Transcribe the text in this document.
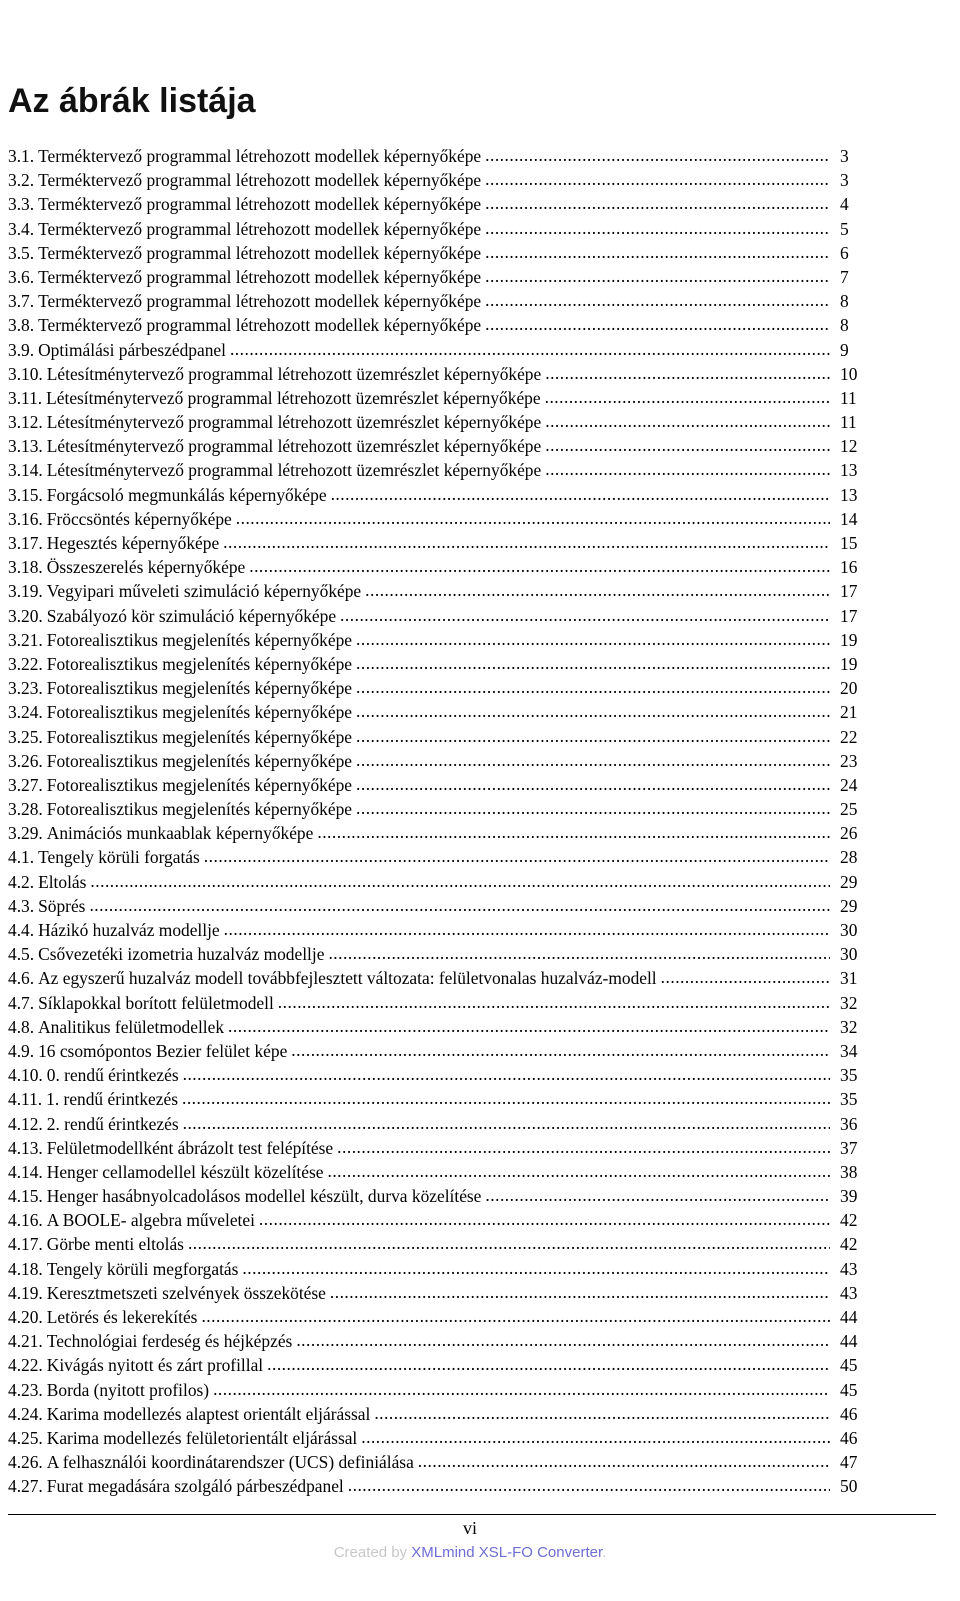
Az ábrák listája
3.1. Terméktervező programmal létrehozott modellek képernyőképe .....	3
3.2. Terméktervező programmal létrehozott modellek képernyőképe .....	3
3.3. Terméktervező programmal létrehozott modellek képernyőképe .....	4
3.4. Terméktervező programmal létrehozott modellek képernyőképe .....	5
3.5. Terméktervező programmal létrehozott modellek képernyőképe .....	6
3.6. Terméktervező programmal létrehozott modellek képernyőképe .....	7
3.7. Terméktervező programmal létrehozott modellek képernyőképe .....	8
3.8. Terméktervező programmal létrehozott modellek képernyőképe .....	8
3.9. Optimálási párbeszédpanel .....	9
3.10. Létesítménytervező programmal létrehozott üzemrészlet képernyőképe .....	10
3.11. Létesítménytervező programmal létrehozott üzemrészlet képernyőképe .....	11
3.12. Létesítménytervező programmal létrehozott üzemrészlet képernyőképe .....	11
3.13. Létesítménytervező programmal létrehozott üzemrészlet képernyőképe .....	12
3.14. Létesítménytervező programmal létrehozott üzemrészlet képernyőképe .....	13
3.15. Forgácsoló megmunkálás képernyőképe .....	13
3.16. Fröccsöntés képernyőképe .....	14
3.17. Hegesztés képernyőképe .....	15
3.18. Összeszerelés képernyőképe .....	16
3.19. Vegyipari műveleti szimuláció képernyőképe .....	17
3.20. Szabályozó kör szimuláció képernyőképe .....	17
3.21. Fotorealisztikus megjelenítés képernyőképe .....	19
3.22. Fotorealisztikus megjelenítés képernyőképe .....	19
3.23. Fotorealisztikus megjelenítés képernyőképe .....	20
3.24. Fotorealisztikus megjelenítés képernyőképe .....	21
3.25. Fotorealisztikus megjelenítés képernyőképe .....	22
3.26. Fotorealisztikus megjelenítés képernyőképe .....	23
3.27. Fotorealisztikus megjelenítés képernyőképe .....	24
3.28. Fotorealisztikus megjelenítés képernyőképe .....	25
3.29. Animációs munkaablak képernyőképe .....	26
4.1. Tengely körüli forgatás .....	28
4.2. Eltolás .....	29
4.3. Söprés .....	29
4.4. Házikó huzalváz modellje .....	30
4.5. Csővezetéki izometria huzalváz modellje .....	30
4.6. Az egyszerű huzalváz modell továbbfejlesztett változata: felületvonalas huzalváz-modell .....	31
4.7. Síklapokkal borított felületmodell .....	32
4.8. Analitikus felületmodellek .....	32
4.9. 16 csomópontos Bezier felület képe .....	34
4.10. 0. rendű érintkezés .....	35
4.11. 1. rendű érintkezés .....	35
4.12. 2. rendű érintkezés .....	36
4.13. Felületmodellként ábrázolt test felépítése .....	37
4.14. Henger cellamodellel készült közelítése .....	38
4.15. Henger hasábnyolcadolásos modellel készült, durva közelítése .....	39
4.16. A BOOLE- algebra műveletei .....	42
4.17. Görbe menti eltolás .....	42
4.18. Tengely körüli megforgatás .....	43
4.19. Keresztmetszeti szelvények összekötése .....	43
4.20. Letörés és lekerekítés .....	44
4.21. Technológiai ferdeség és héjképzés .....	44
4.22. Kivágás nyitott és zárt profillal .....	45
4.23. Borda (nyitott profilos) .....	45
4.24. Karima modellezés alaptest orientált eljárással .....	46
4.25. Karima modellezés felületorientált eljárással .....	46
4.26. A felhasználói koordinátarendszer (UCS) definiálása .....	47
4.27. Furat megadására szolgáló párbeszédpanel .....	50
vi
Created by XMLmind XSL-FO Converter.
